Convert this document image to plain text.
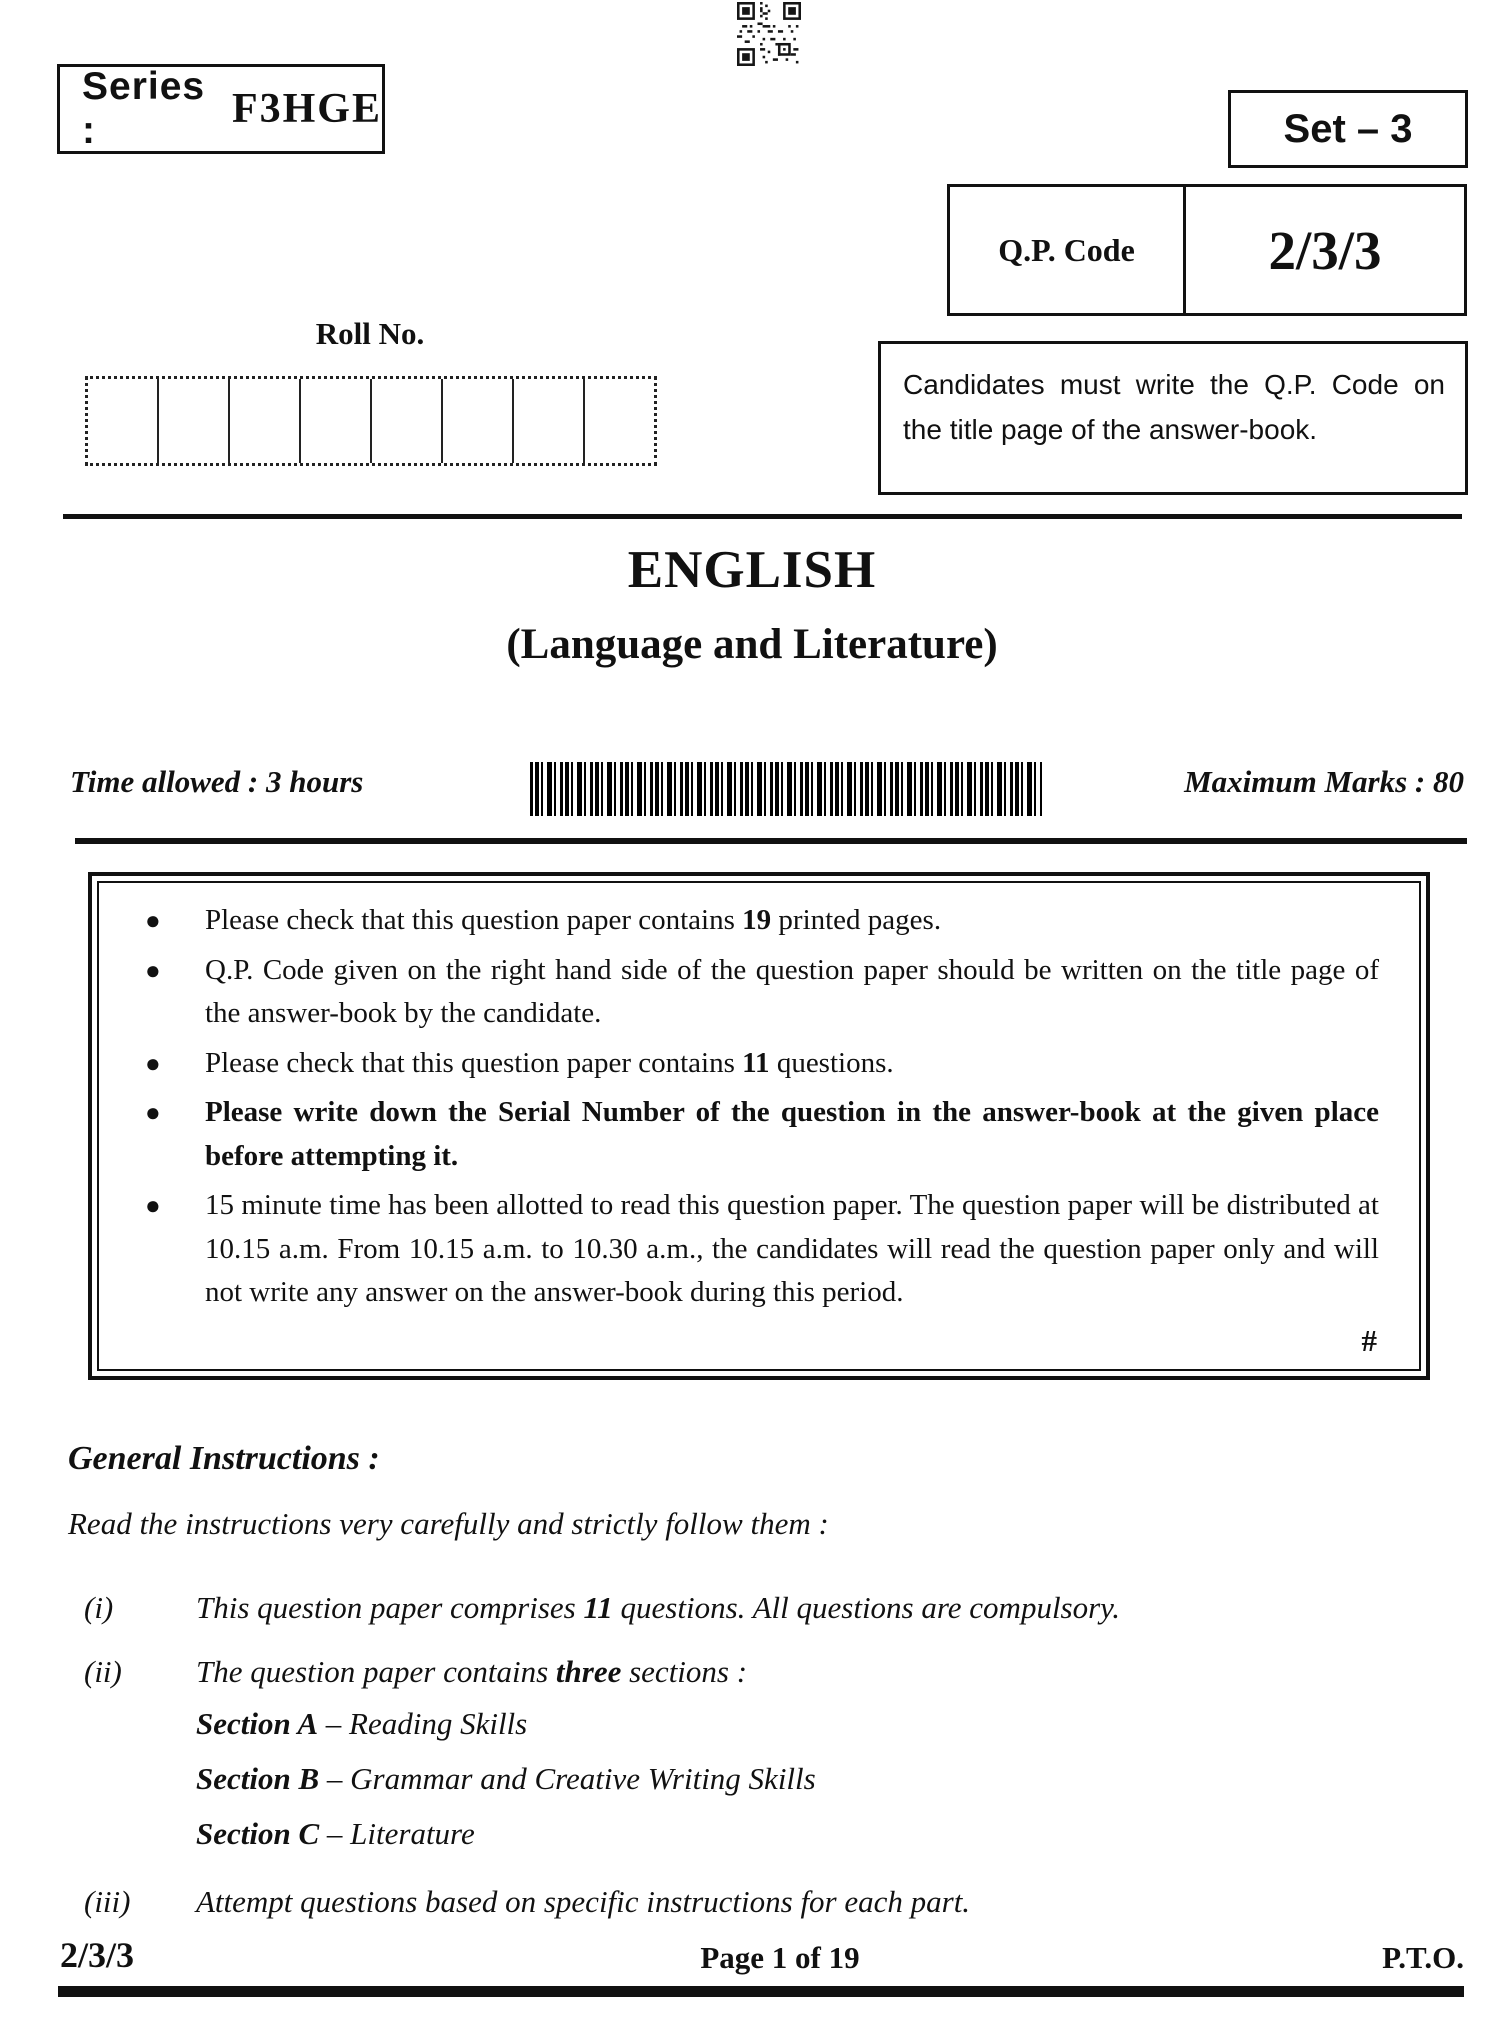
Series :	F3HGE	Set – 3
Q.P. Code	2/3/3
Roll No.
Candidates must write the Q.P. Code on the title page of the answer-book.
ENGLISH
(Language and Literature)
Time allowed : 3 hours	Maximum Marks : 80
● Please check that this question paper contains 19 printed pages.
● Q.P. Code given on the right hand side of the question paper should be written on the title page of the answer-book by the candidate.
● Please check that this question paper contains 11 questions.
● Please write down the Serial Number of the question in the answer-book at the given place before attempting it.
● 15 minute time has been allotted to read this question paper. The question paper will be distributed at 10.15 a.m. From 10.15 a.m. to 10.30 a.m., the candidates will read the question paper only and will not write any answer on the answer-book during this period.
#
General Instructions :
Read the instructions very carefully and strictly follow them :
(i)	This question paper comprises 11 questions. All questions are compulsory.
(ii)	The question paper contains three sections :
Section A – Reading Skills
Section B – Grammar and Creative Writing Skills
Section C – Literature
(iii)	Attempt questions based on specific instructions for each part.
2/3/3	Page 1 of 19	P.T.O.
